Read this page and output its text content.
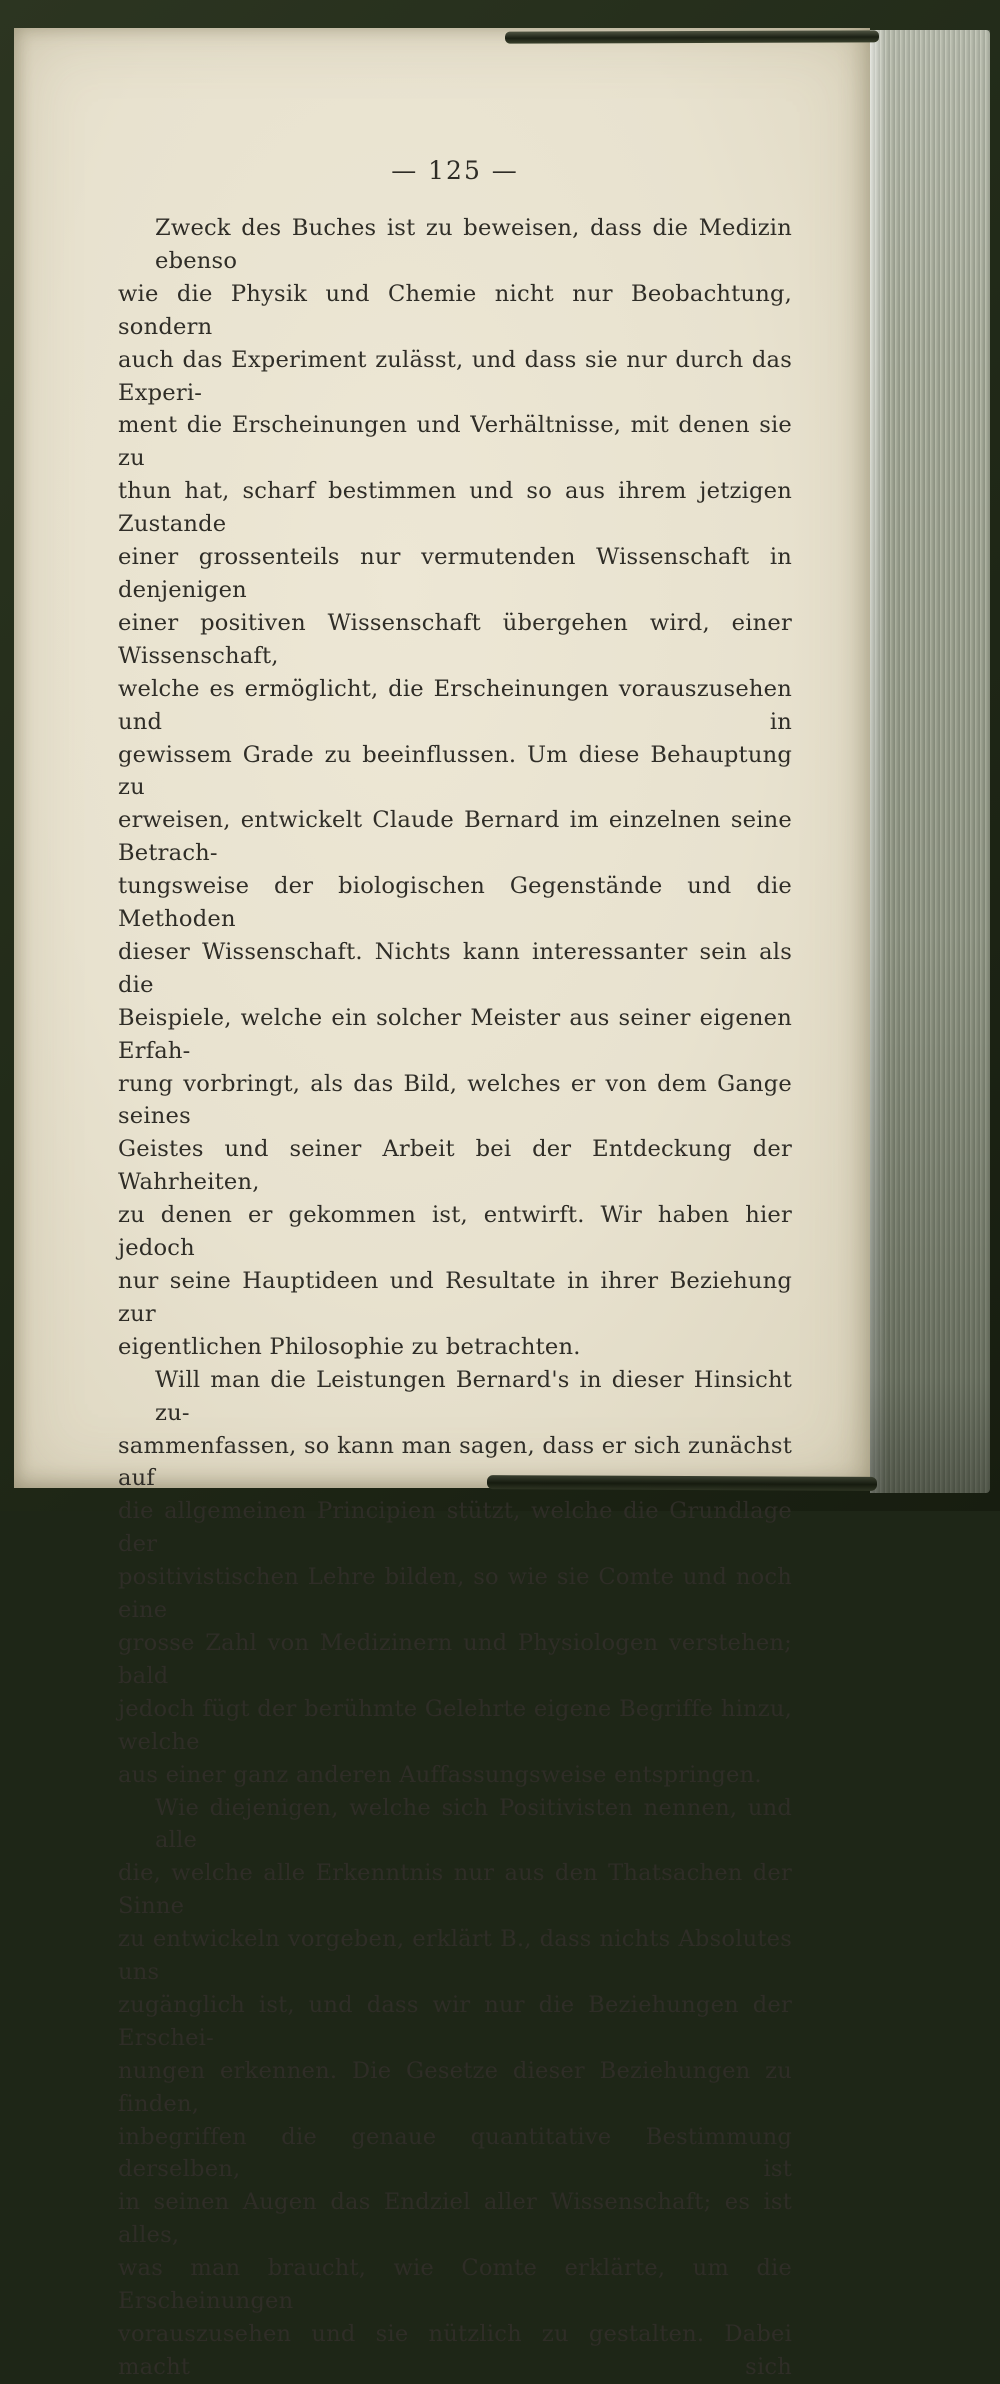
— 125 —
Zweck des Buches ist zu beweisen, dass die Medizin ebenso
wie die Physik und Chemie nicht nur Beobachtung, sondern
auch das Experiment zulässt, und dass sie nur durch das Experi-
ment die Erscheinungen und Verhältnisse, mit denen sie zu
thun hat, scharf bestimmen und so aus ihrem jetzigen Zustande
einer grossenteils nur vermutenden Wissenschaft in denjenigen
einer positiven Wissenschaft übergehen wird, einer Wissenschaft,
welche es ermöglicht, die Erscheinungen vorauszusehen und in
gewissem Grade zu beeinflussen. Um diese Behauptung zu
erweisen, entwickelt Claude Bernard im einzelnen seine Betrach-
tungsweise der biologischen Gegenstände und die Methoden
dieser Wissenschaft. Nichts kann interessanter sein als die
Beispiele, welche ein solcher Meister aus seiner eigenen Erfah-
rung vorbringt, als das Bild, welches er von dem Gange seines
Geistes und seiner Arbeit bei der Entdeckung der Wahrheiten,
zu denen er gekommen ist, entwirft. Wir haben hier jedoch
nur seine Hauptideen und Resultate in ihrer Beziehung zur
eigentlichen Philosophie zu betrachten.
Will man die Leistungen Bernard's in dieser Hinsicht zu-
sammenfassen, so kann man sagen, dass er sich zunächst auf
die allgemeinen Principien stützt, welche die Grundlage der
positivistischen Lehre bilden, so wie sie Comte und noch eine
grosse Zahl von Medizinern und Physiologen verstehen; bald
jedoch fügt der berühmte Gelehrte eigene Begriffe hinzu, welche
aus einer ganz anderen Auffassungsweise entspringen.
Wie diejenigen, welche sich Positivisten nennen, und alle
die, welche alle Erkenntnis nur aus den Thatsachen der Sinne
zu entwickeln vorgeben, erklärt B., dass nichts Absolutes uns
zugänglich ist, und dass wir nur die Beziehungen der Erschei-
nungen erkennen. Die Gesetze dieser Beziehungen zu finden,
inbegriffen die genaue quantitative Bestimmung derselben, ist
in seinen Augen das Endziel aller Wissenschaft; es ist alles,
was man braucht, wie Comte erklärte, um die Erscheinungen
vorauszusehen und sie nützlich zu gestalten. Dabei macht sich
